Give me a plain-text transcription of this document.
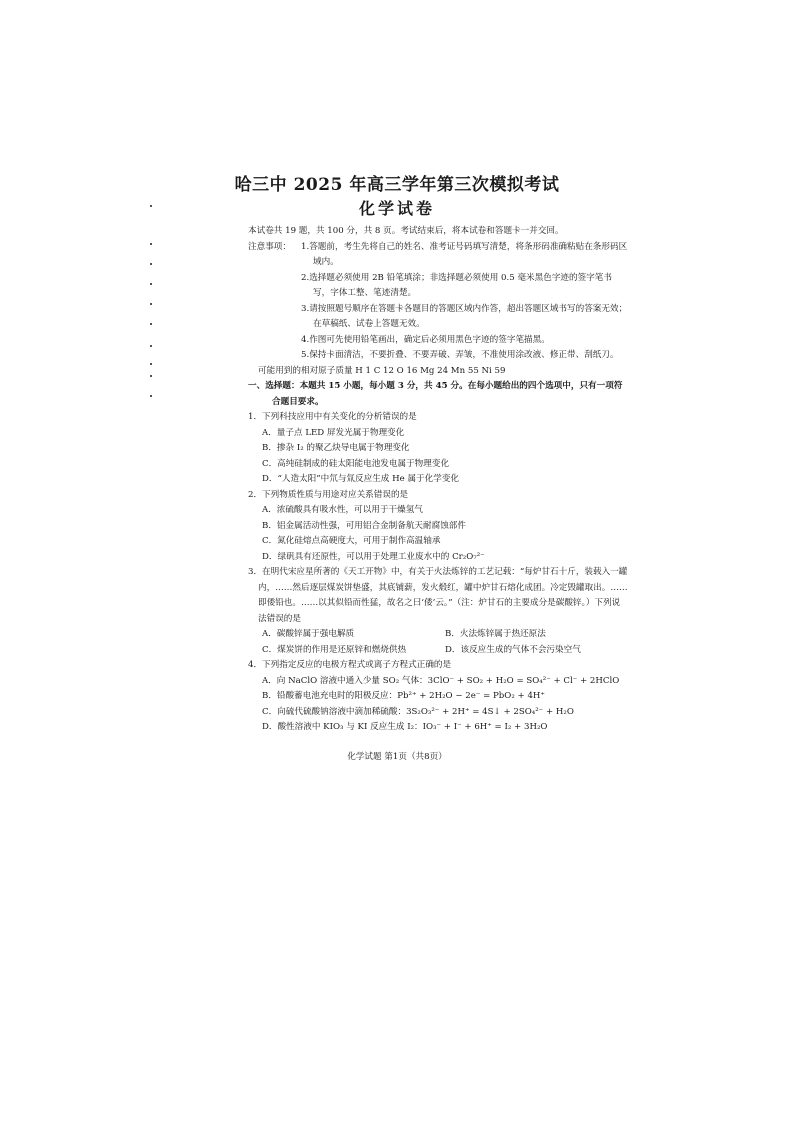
哈三中 2025 年高三学年第三次模拟考试
化学试卷
本试卷共 19 题，共 100 分，共 8 页。考试结束后，将本试卷和答题卡一并交回。
注意事项：	1.答题前，考生先将自己的姓名、准考证号码填写清楚，将条形码准确粘贴在条形码区域内。
2.选择题必须使用 2B 铅笔填涂；非选择题必须使用 0.5 毫米黑色字迹的签字笔书写，字体工整、笔迹清楚。
3.请按照题号顺序在答题卡各题目的答题区域内作答，超出答题区域书写的答案无效；在草稿纸、试卷上答题无效。
4.作图可先使用铅笔画出，确定后必须用黑色字迹的签字笔描黑。
5.保持卡面清洁，不要折叠、不要弄破、弄皱，不准使用涂改液、修正带、刮纸刀。
可能用到的相对原子质量 H 1 C 12 O 16 Mg 24 Mn 55 Ni 59
一、选择题：本题共 15 小题，每小题 3 分，共 45 分。在每小题给出的四个选项中，只有一项符合题目要求。
1．下列科技应用中有关变化的分析错误的是
A．量子点 LED 屏发光属于物理变化
B．掺杂 I₂ 的聚乙炔导电属于物理变化
C．高纯硅制成的硅太阳能电池发电属于物理变化
D．“人造太阳”中氘与氚反应生成 He 属于化学变化
2．下列物质性质与用途对应关系错误的是
A．浓硫酸具有吸水性，可以用于干燥氢气
B．铝金属活动性强，可用铝合金制备航天耐腐蚀部件
C．氮化硅熔点高硬度大，可用于制作高温轴承
D．绿矾具有还原性，可以用于处理工业废水中的 Cr₂O₇²⁻
3．在明代宋应星所著的《天工开物》中，有关于火法炼锌的工艺记载：“每炉甘石十斤，装载入一罐内，……然后逐层煤炭饼垫盛，其底铺薪，发火煅红，罐中炉甘石熔化成团。冷定毁罐取出。……即倭铅也。……以其似铅而性猛，故名之曰‘倭’云。”（注：炉甘石的主要成分是碳酸锌。）下列说法错误的是
A．碳酸锌属于强电解质	B．火法炼锌属于热还原法
C．煤炭饼的作用是还原锌和燃烧供热	D．该反应生成的气体不会污染空气
4．下列指定反应的电极方程式或离子方程式正确的是
A．向 NaClO 溶液中通入少量 SO₂ 气体：3ClO⁻ + SO₂ + H₂O = SO₄²⁻ + Cl⁻ + 2HClO
B．铅酸蓄电池充电时的阳极反应：Pb²⁺ + 2H₂O − 2e⁻ = PbO₂ + 4H⁺
C．向硫代硫酸钠溶液中滴加稀硫酸：3S₂O₃²⁻ + 2H⁺ = 4S↓ + 2SO₄²⁻ + H₂O
D．酸性溶液中 KIO₃ 与 KI 反应生成 I₂：IO₃⁻ + I⁻ + 6H⁺ = I₂ + 3H₂O
化学试题 第1页（共8页）
